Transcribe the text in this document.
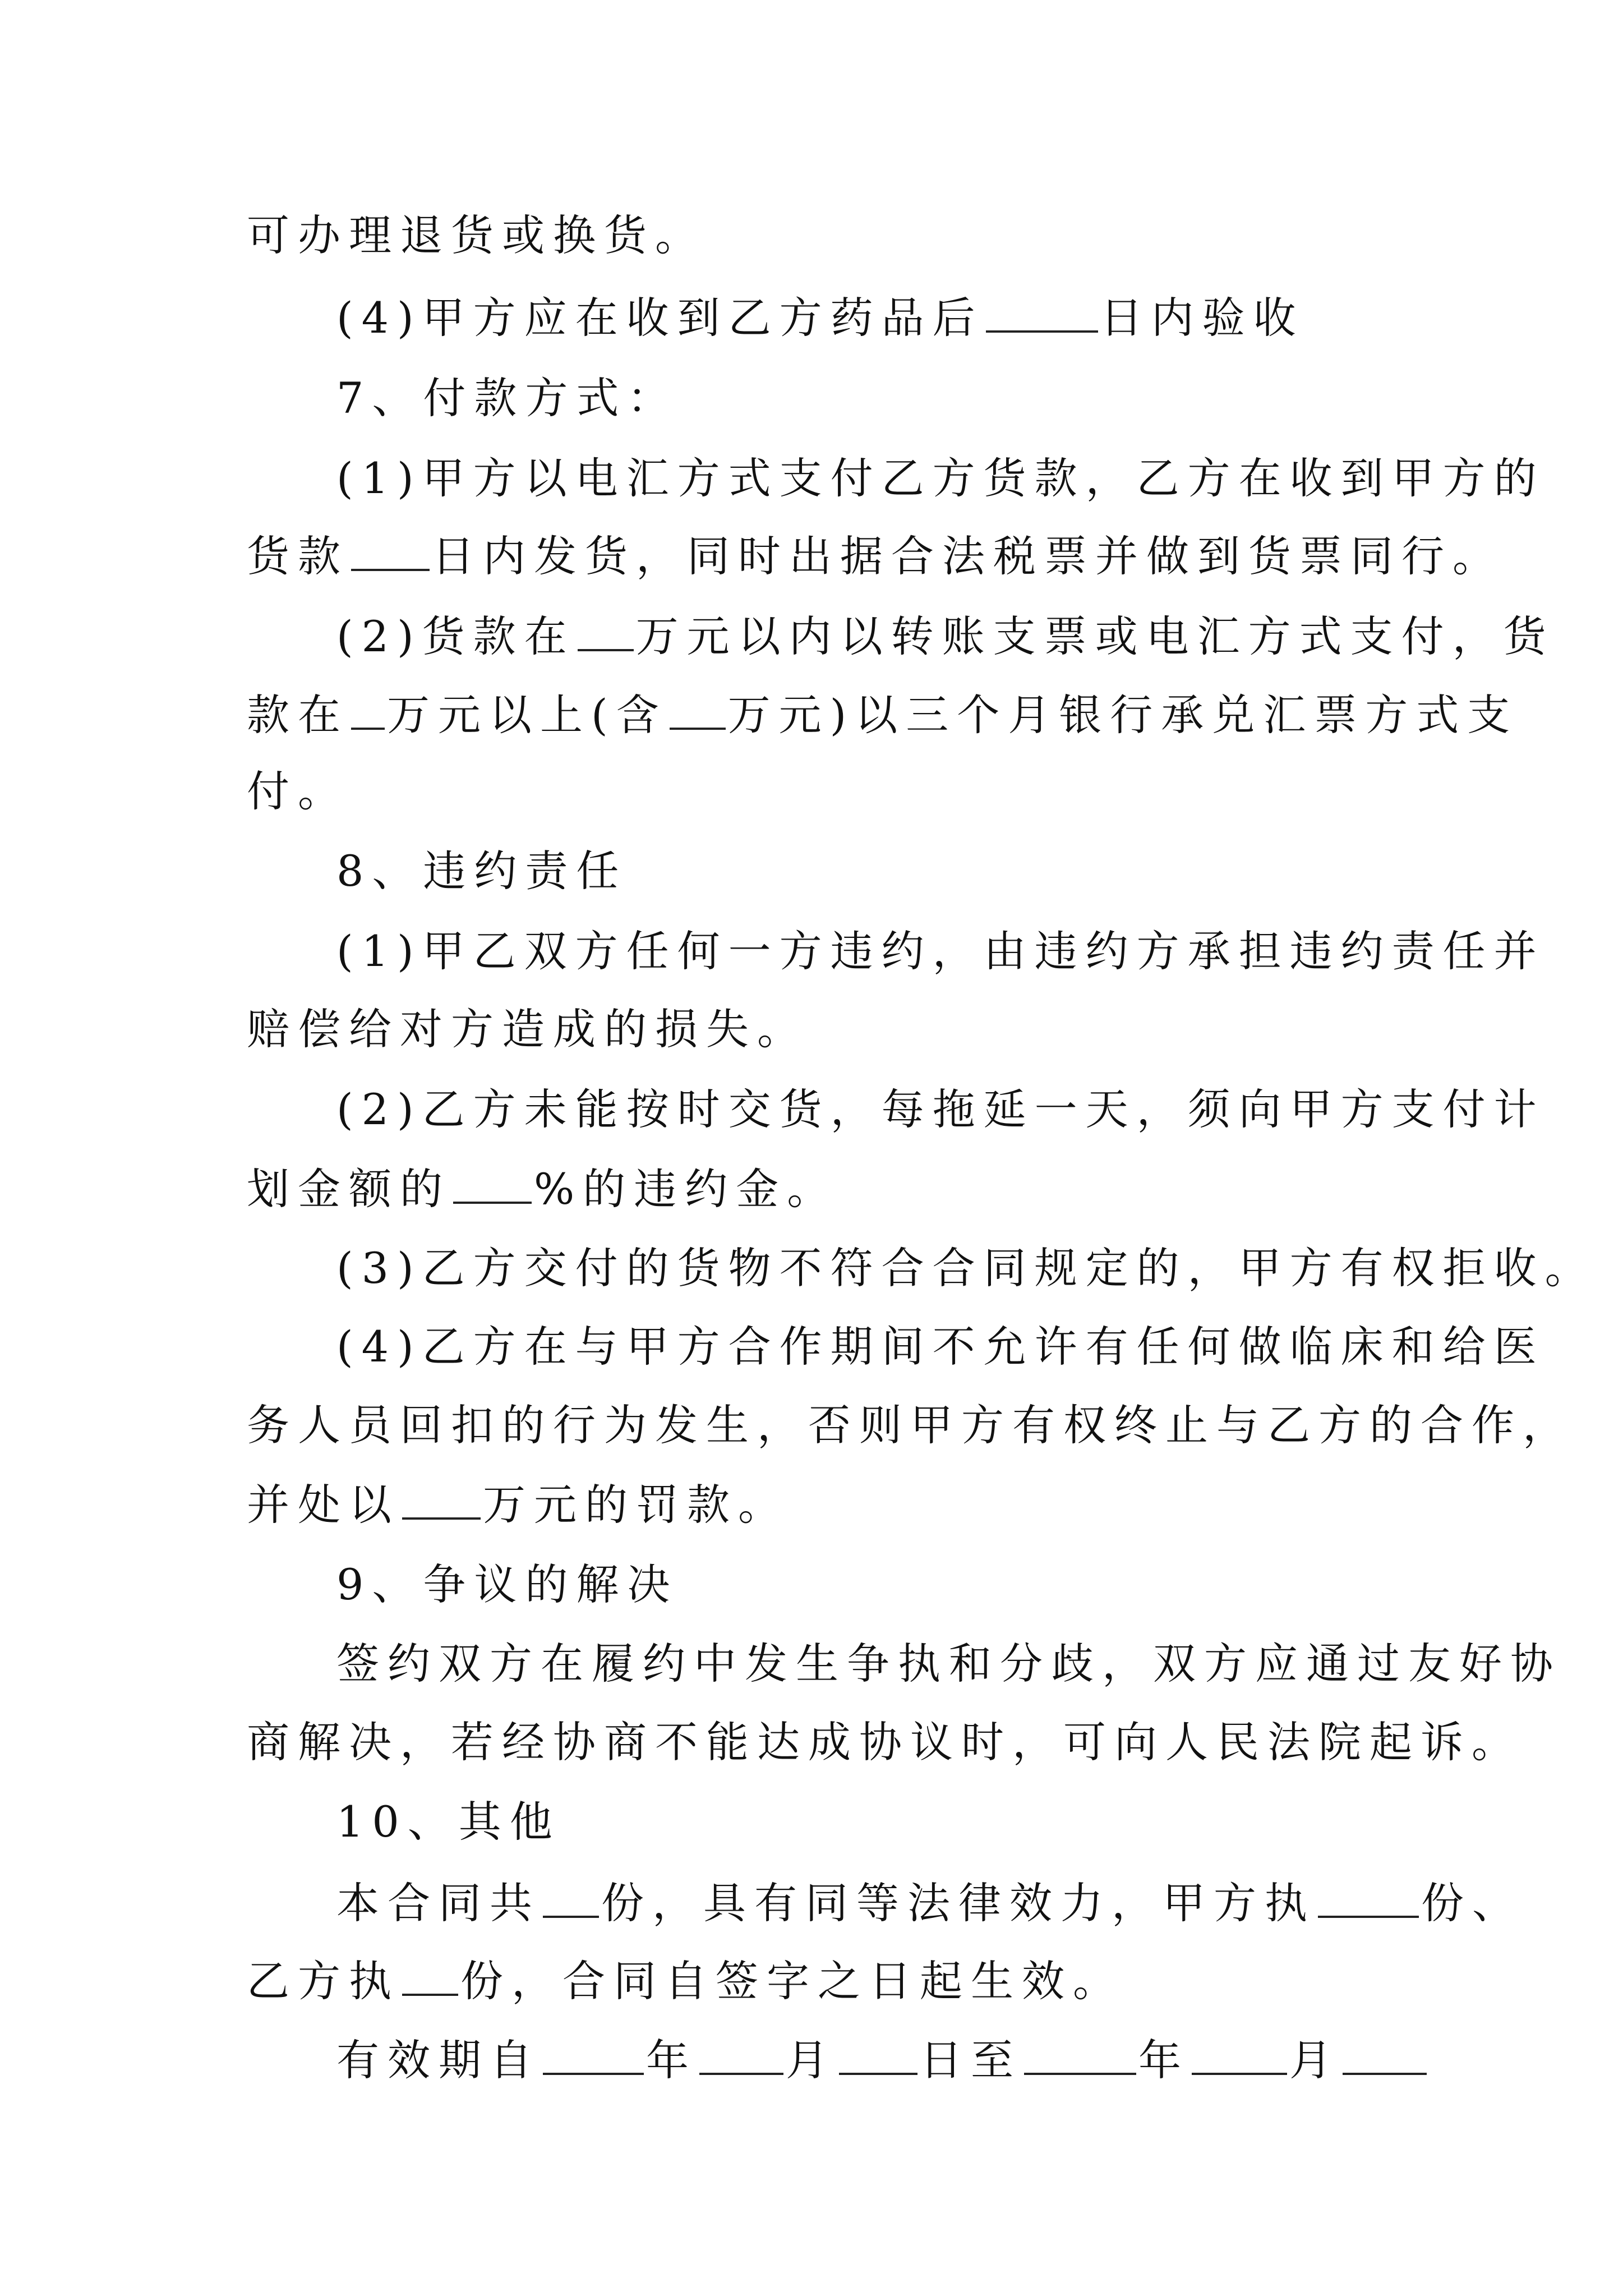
可办理退货或换货。

(4)甲方应在收到乙方药品后	日内验收

7、付款方式：

(1)甲方以电汇方式支付乙方货款，乙方在收到甲方的

货款 日内发货，同时出据合法税票并做到货票同行。

(2)货款在 万元以内以转账支票或电汇方式支付，货

款在 万元以上(含 万元)以三个月银行承兑汇票方式支

付。

8、违约责任

(1)甲乙双方任何一方违约，由违约方承担违约责任并

赔偿给对方造成的损失。

(2)乙方未能按时交货，每拖延一天，须向甲方支付计

划金额的 %的违约金。

(3)乙方交付的货物不符合合同规定的，甲方有权拒收。

(4)乙方在与甲方合作期间不允许有任何做临床和给医

务人员回扣的行为发生，否则甲方有权终止与乙方的合作，

并处以 万元的罚款。

9、争议的解决

签约双方在履约中发生争执和分歧，双方应通过友好协

商解决，若经协商不能达成协议时，可向人民法院起诉。

10、其他

本合同共 份，具有同等法律效力，甲方执 份、

乙方执 份，合同自签字之日起生效。

有效期自 年 月 日至	年 月
